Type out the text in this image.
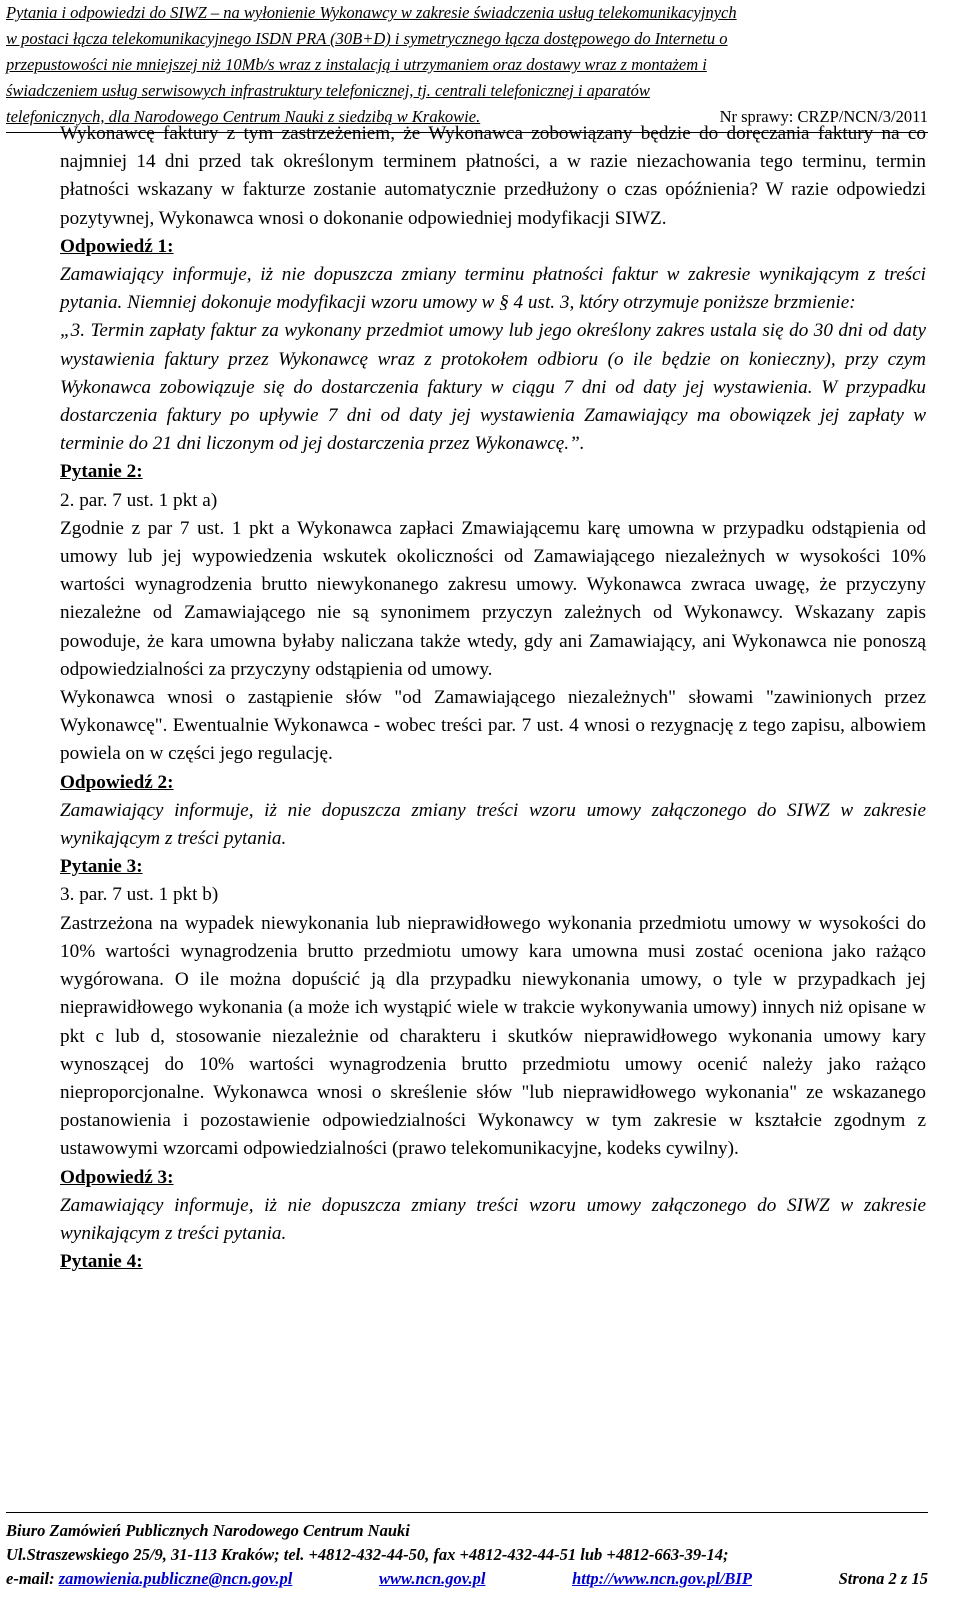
Pytania i odpowiedzi do SIWZ – na wyłonienie Wykonawcy w zakresie świadczenia usług telekomunikacyjnych
w postaci łącza telekomunikacyjnego ISDN PRA (30B+D) i symetrycznego łącza dostępowego do Internetu o
przepustowości nie mniejszej niż 10Mb/s wraz z instalacją i utrzymaniem oraz dostawy wraz z montażem i
świadczeniem usług serwisowych infrastruktury telefonicznej, tj. centrali telefonicznej i aparatów
telefonicznych, dla Narodowego Centrum Nauki z siedzibą w Krakowie.	Nr sprawy: CRZP/NCN/3/2011

Wykonawcę faktury z tym zastrzeżeniem, że Wykonawca zobowiązany będzie do doręczania faktury na co najmniej 14 dni przed tak określonym terminem płatności, a w razie niezachowania tego terminu, termin płatności wskazany w fakturze zostanie automatycznie przedłużony o czas opóźnienia? W razie odpowiedzi pozytywnej, Wykonawca wnosi o dokonanie odpowiedniej modyfikacji SIWZ.

Odpowiedź 1:

Zamawiający informuje, iż nie dopuszcza zmiany terminu płatności faktur w zakresie wynikającym z treści pytania. Niemniej dokonuje modyfikacji wzoru umowy w § 4 ust. 3, który otrzymuje poniższe brzmienie:

„3. Termin zapłaty faktur za wykonany przedmiot umowy lub jego określony zakres ustala się do 30 dni od daty wystawienia faktury przez Wykonawcę wraz z protokołem odbioru (o ile będzie on konieczny), przy czym Wykonawca zobowiązuje się do dostarczenia faktury w ciągu 7 dni od daty jej wystawienia. W przypadku dostarczenia faktury po upływie 7 dni od daty jej wystawienia Zamawiający ma obowiązek jej zapłaty w terminie do 21 dni liczonym od jej dostarczenia przez Wykonawcę.”.

Pytanie 2:

2. par. 7 ust. 1 pkt a)

Zgodnie z par 7 ust. 1 pkt a Wykonawca zapłaci Zmawiającemu karę umowna w przypadku odstąpienia od umowy lub jej wypowiedzenia wskutek okoliczności od Zamawiającego niezależnych w wysokości 10% wartości wynagrodzenia brutto niewykonanego zakresu umowy. Wykonawca zwraca uwagę, że przyczyny niezależne od Zamawiającego nie są synonimem przyczyn zależnych od Wykonawcy. Wskazany zapis powoduje, że kara umowna byłaby naliczana także wtedy, gdy ani Zamawiający, ani Wykonawca nie ponoszą odpowiedzialności za przyczyny odstąpienia od umowy.

Wykonawca wnosi o zastąpienie słów "od Zamawiającego niezależnych" słowami "zawinionych przez Wykonawcę". Ewentualnie Wykonawca - wobec treści par. 7 ust. 4 wnosi o rezygnację z tego zapisu, albowiem powiela on w części jego regulację.

Odpowiedź 2:

Zamawiający informuje, iż nie dopuszcza zmiany treści wzoru umowy załączonego do SIWZ w zakresie wynikającym z treści pytania.

Pytanie 3:

3. par. 7 ust. 1 pkt b)

Zastrzeżona na wypadek niewykonania lub nieprawidłowego wykonania przedmiotu umowy w wysokości do 10% wartości wynagrodzenia brutto przedmiotu umowy kara umowna musi zostać oceniona jako rażąco wygórowana. O ile można dopuścić ją dla przypadku niewykonania umowy, o tyle w przypadkach jej nieprawidłowego wykonania (a może ich wystąpić wiele w trakcie wykonywania umowy) innych niż opisane w pkt c lub d, stosowanie niezależnie od charakteru i skutków nieprawidłowego wykonania umowy kary wynoszącej do 10% wartości wynagrodzenia brutto przedmiotu umowy ocenić należy jako rażąco nieproporcjonalne. Wykonawca wnosi o skreślenie słów "lub nieprawidłowego wykonania" ze wskazanego postanowienia i pozostawienie odpowiedzialności Wykonawcy w tym zakresie w kształcie zgodnym z ustawowymi wzorcami odpowiedzialności (prawo telekomunikacyjne, kodeks cywilny).

Odpowiedź 3:

Zamawiający informuje, iż nie dopuszcza zmiany treści wzoru umowy załączonego do SIWZ w zakresie wynikającym z treści pytania.

Pytanie 4:

Biuro Zamówień Publicznych Narodowego Centrum Nauki
Ul.Straszewskiego 25/9, 31-113 Kraków; tel. +4812-432-44-50, fax +4812-432-44-51 lub +4812-663-39-14;
e-mail: zamowienia.publiczne@ncn.gov.pl	www.ncn.gov.pl	http://www.ncn.gov.pl/BIP	Strona 2 z 15
